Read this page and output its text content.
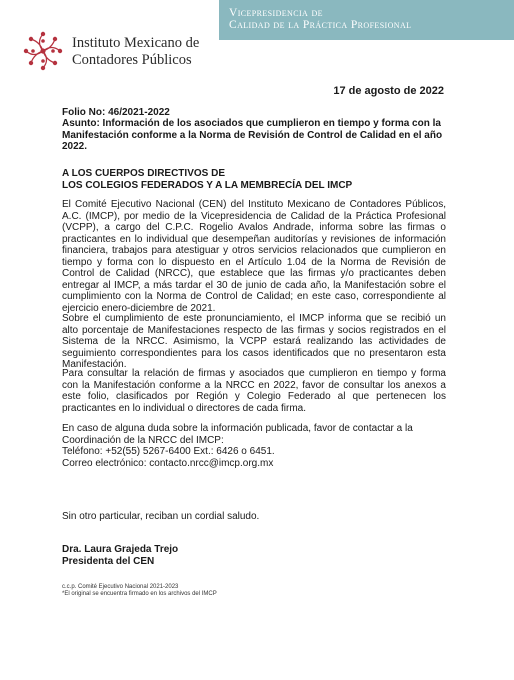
Vicepresidencia de
Calidad de la Práctica Profesional
Instituto Mexicano de
Contadores Públicos
17 de agosto de 2022
Folio No: 46/2021-2022
Asunto: Información de los asociados que cumplieron en tiempo y forma con la Manifestación conforme a la Norma de Revisión de Control de Calidad en el año 2022.
A LOS CUERPOS DIRECTIVOS DE
LOS COLEGIOS FEDERADOS Y A LA MEMBRECÍA DEL IMCP
El Comité Ejecutivo Nacional (CEN) del Instituto Mexicano de Contadores Públicos, A.C. (IMCP), por medio de la Vicepresidencia de Calidad de la Práctica Profesional (VCPP), a cargo del C.P.C. Rogelio Avalos Andrade, informa sobre las firmas o practicantes en lo individual que desempeñan auditorías y revisiones de información financiera, trabajos para atestiguar y otros servicios relacionados que cumplieron en tiempo y forma con lo dispuesto en el Artículo 1.04 de la Norma de Revisión de Control de Calidad (NRCC), que establece que las firmas y/o practicantes deben entregar al IMCP, a más tardar el 30 de junio de cada año, la Manifestación sobre el cumplimiento con la Norma de Control de Calidad; en este caso, correspondiente al ejercicio enero-diciembre de 2021.
Sobre el cumplimiento de este pronunciamiento, el IMCP informa que se recibió un alto porcentaje de Manifestaciones respecto de las firmas y socios registrados en el Sistema de la NRCC. Asimismo, la VCPP estará realizando las actividades de seguimiento correspondientes para los casos identificados que no presentaron esta Manifestación.
Para consultar la relación de firmas y asociados que cumplieron en tiempo y forma con la Manifestación conforme a la NRCC en 2022, favor de consultar los anexos a este folio, clasificados por Región y Colegio Federado al que pertenecen los practicantes en lo individual o directores de cada firma.
En caso de alguna duda sobre la información publicada, favor de contactar a la Coordinación de la NRCC del IMCP:
Teléfono: +52(55) 5267-6400 Ext.: 6426 o 6451.
Correo electrónico: contacto.nrcc@imcp.org.mx
Sin otro particular, reciban un cordial saludo.
Dra. Laura Grajeda Trejo
Presidenta del CEN
c.c.p. Comité Ejecutivo Nacional 2021-2023
*El original se encuentra firmado en los archivos del IMCP
